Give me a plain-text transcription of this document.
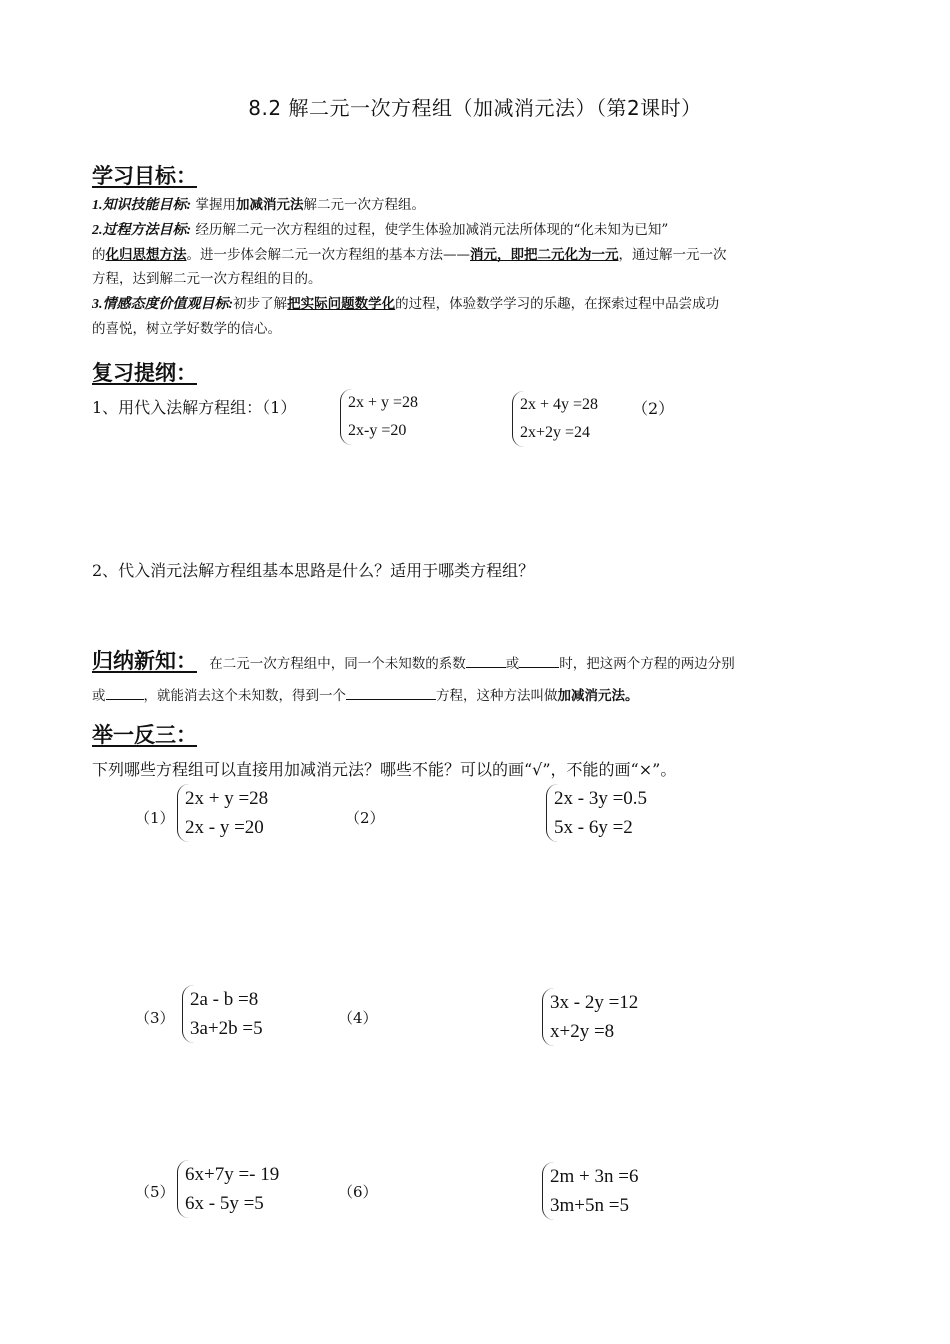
8.2 解二元一次方程组（加减消元法）（第2课时）
学习目标：
1.知识技能目标: 掌握用加减消元法解二元一次方程组。
2.过程方法目标: 经历解二元一次方程组的过程，使学生体验加减消元法所体现的“化未知为已知”
的化归思想方法。进一步体会解二元一次方程组的基本方法——消元，即把二元化为一元，通过解一元一次
方程，达到解二元一次方程组的目的。
3.情感态度价值观目标:初步了解把实际问题数学化的过程，体验数学学习的乐趣，在探索过程中品尝成功
的喜悦，树立学好数学的信心。
复习提纲：
1、用代入法解方程组：（1）	2x + y =28
2x-y =20
2x + 4y =28
2x+2y =24
（2）
2、代入消元法解方程组基本思路是什么？适用于哪类方程组？
归纳新知： 在二元一次方程组中，同一个未知数的系数	或	时，把这两个方程的两边分别
或	，就能消去这个未知数，得到一个	方程，这种方法叫做加减消元法。
举一反三：
下列哪些方程组可以直接用加减消元法？哪些不能？可以的画“√”，不能的画“×”。
（1）
2x + y =28
2x - y =20	（2）
2x - 3y =0.5
5x - 6y =2
（3）
2a - b =8
3a+2b =5	（4）
3x - 2y =12
x+2y =8
（5）
6x+7y =- 19
6x - 5y =5
（6）
2m + 3n =6
3m+5n =5
